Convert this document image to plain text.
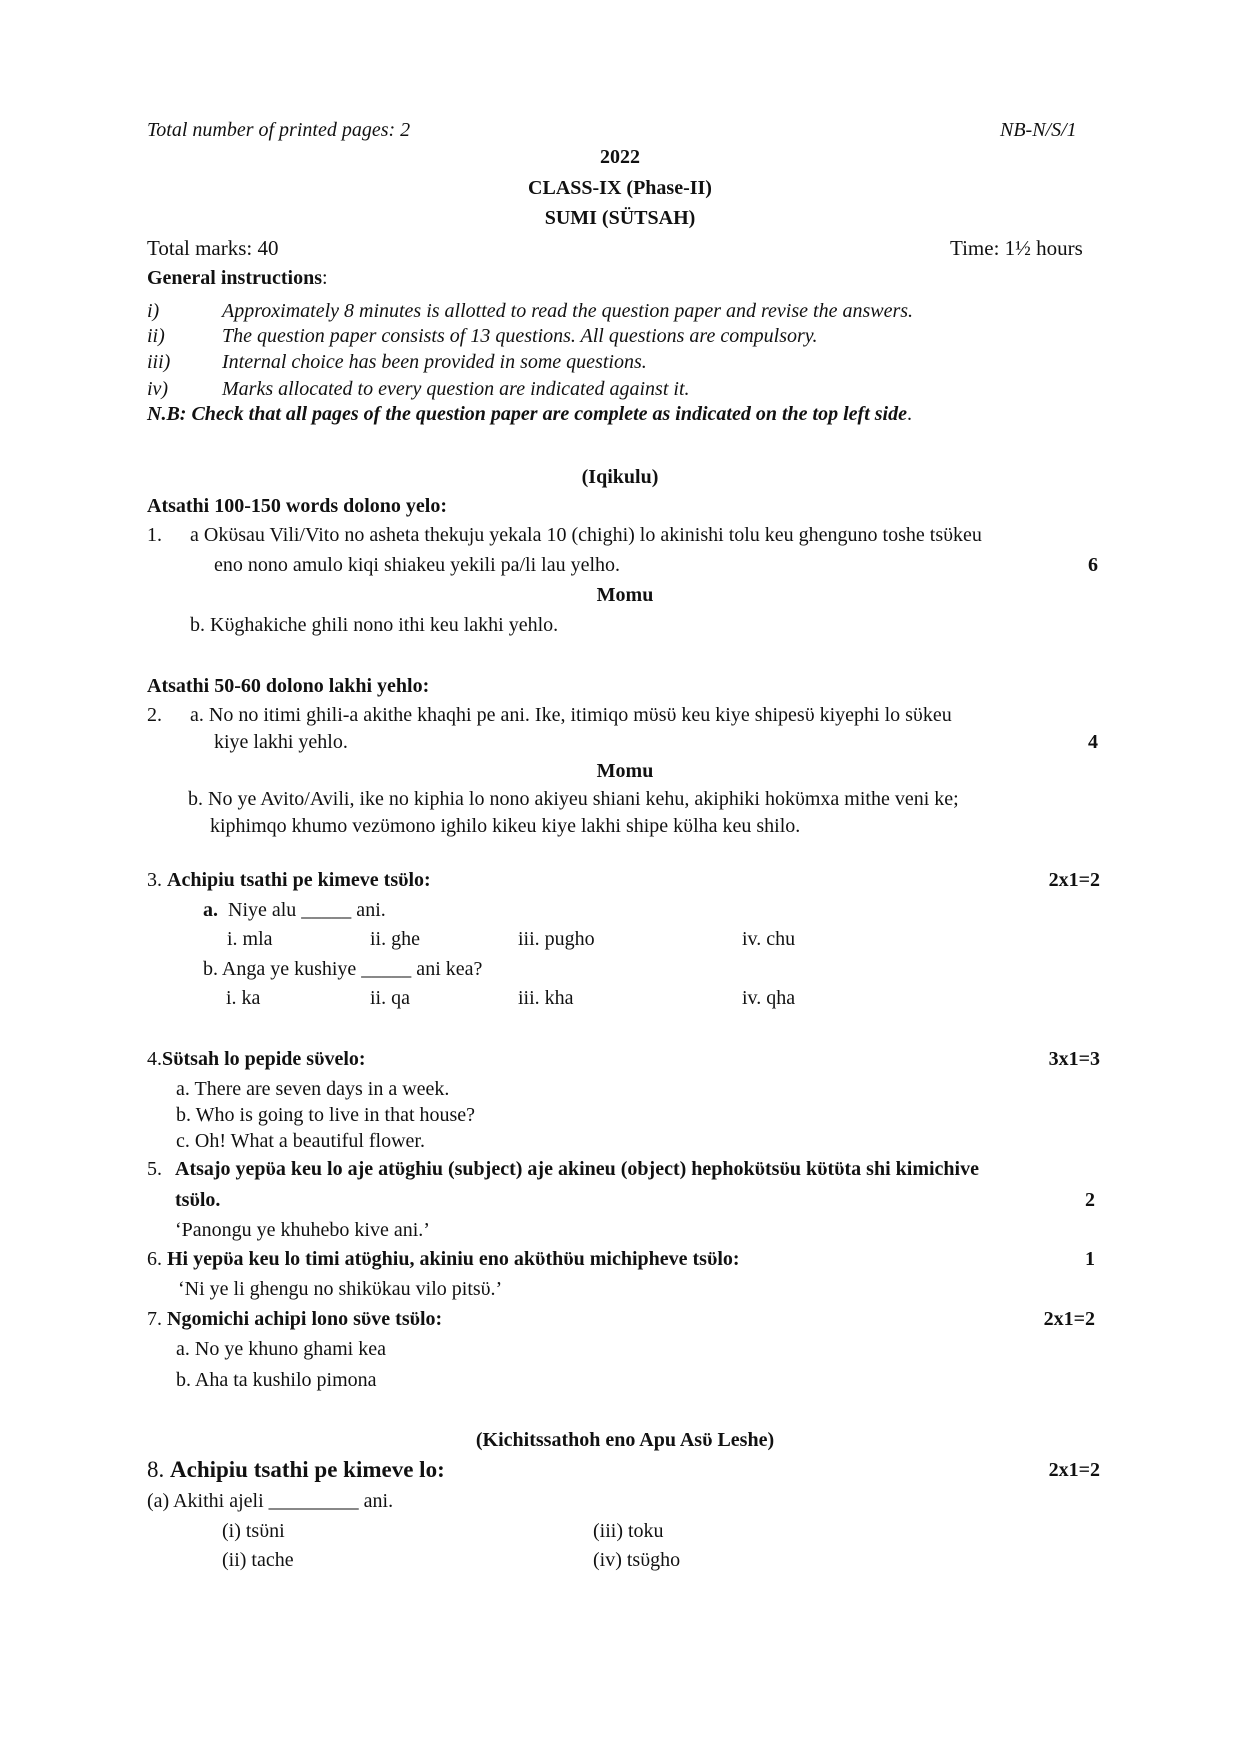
Total number of printed pages: 2	NB-N/S/1
2022
CLASS-IX (Phase-II)
SUMI (SÜTSAH)
Total marks: 40	Time: 1½ hours
General instructions:
i)	Approximately 8 minutes is allotted to read the question paper and revise the answers.
ii)	The question paper consists of 13 questions. All questions are compulsory.
iii)	Internal choice has been provided in some questions.
iv)	Marks allocated to every question are indicated against it.
N.B: Check that all pages of the question paper are complete as indicated on the top left side.
(Iqikulu)
Atsathi 100-150 words dolono yelo:
1. a Okϋsau Vili/Vito no asheta thekuju yekala 10 (chighi) lo akinishi tolu keu ghenguno toshe tsϋkeu
eno nono amulo kiqi shiakeu yekili pa/li lau yelho.	6
Momu
b. Kϋghakiche ghili nono ithi keu lakhi yehlo.
Atsathi 50-60 dolono lakhi yehlo:
2. a. No no itimi ghili-a akithe khaqhi pe ani. Ike, itimiqo mϋsϋ keu kiye shipesϋ kiyephi lo sϋkeu
kiye lakhi yehlo.	4
Momu
b. No ye Avito/Avili, ike no kiphia lo nono akiyeu shiani kehu, akiphiki hokϋmxa mithe veni ke;
kiphimqo khumo vezϋmono ighilo kikeu kiye lakhi shipe kϋlha keu shilo.
3. Achipiu tsathi pe kimeve tsϋlo:	2x1=2
a. Niye alu _____ ani.
i. mla	ii. ghe	iii. pugho	iv. chu
b. Anga ye kushiye _____ ani kea?
i. ka	ii. qa	iii. kha	iv. qha
4.Sϋtsah lo pepide sϋvelo:	3x1=3
a. There are seven days in a week.
b. Who is going to live in that house?
c. Oh! What a beautiful flower.
5. Atsajo yepϋa keu lo aje atϋghiu (subject) aje akineu (object) hephokϋtsϋu kϋtϋta shi kimichive
tsϋlo.	2
‘Panongu ye khuhebo kive ani.’
6. Hi yepϋa keu lo timi atϋghiu, akiniu eno akϋthϋu michipheve tsϋlo:	1
‘Ni ye li ghengu no shikϋkau vilo pitsϋ.’
7. Ngomichi achipi lono sϋve tsϋlo:	2x1=2
a. No ye khuno ghami kea
b. Aha ta kushilo pimona
(Kichitssathoh eno Apu Asϋ Leshe)
8. Achipiu tsathi pe kimeve lo:	2x1=2
(a) Akithi ajeli _________ ani.
(i) tsϋni	(iii) toku
(ii) tache	(iv) tsϋgho
